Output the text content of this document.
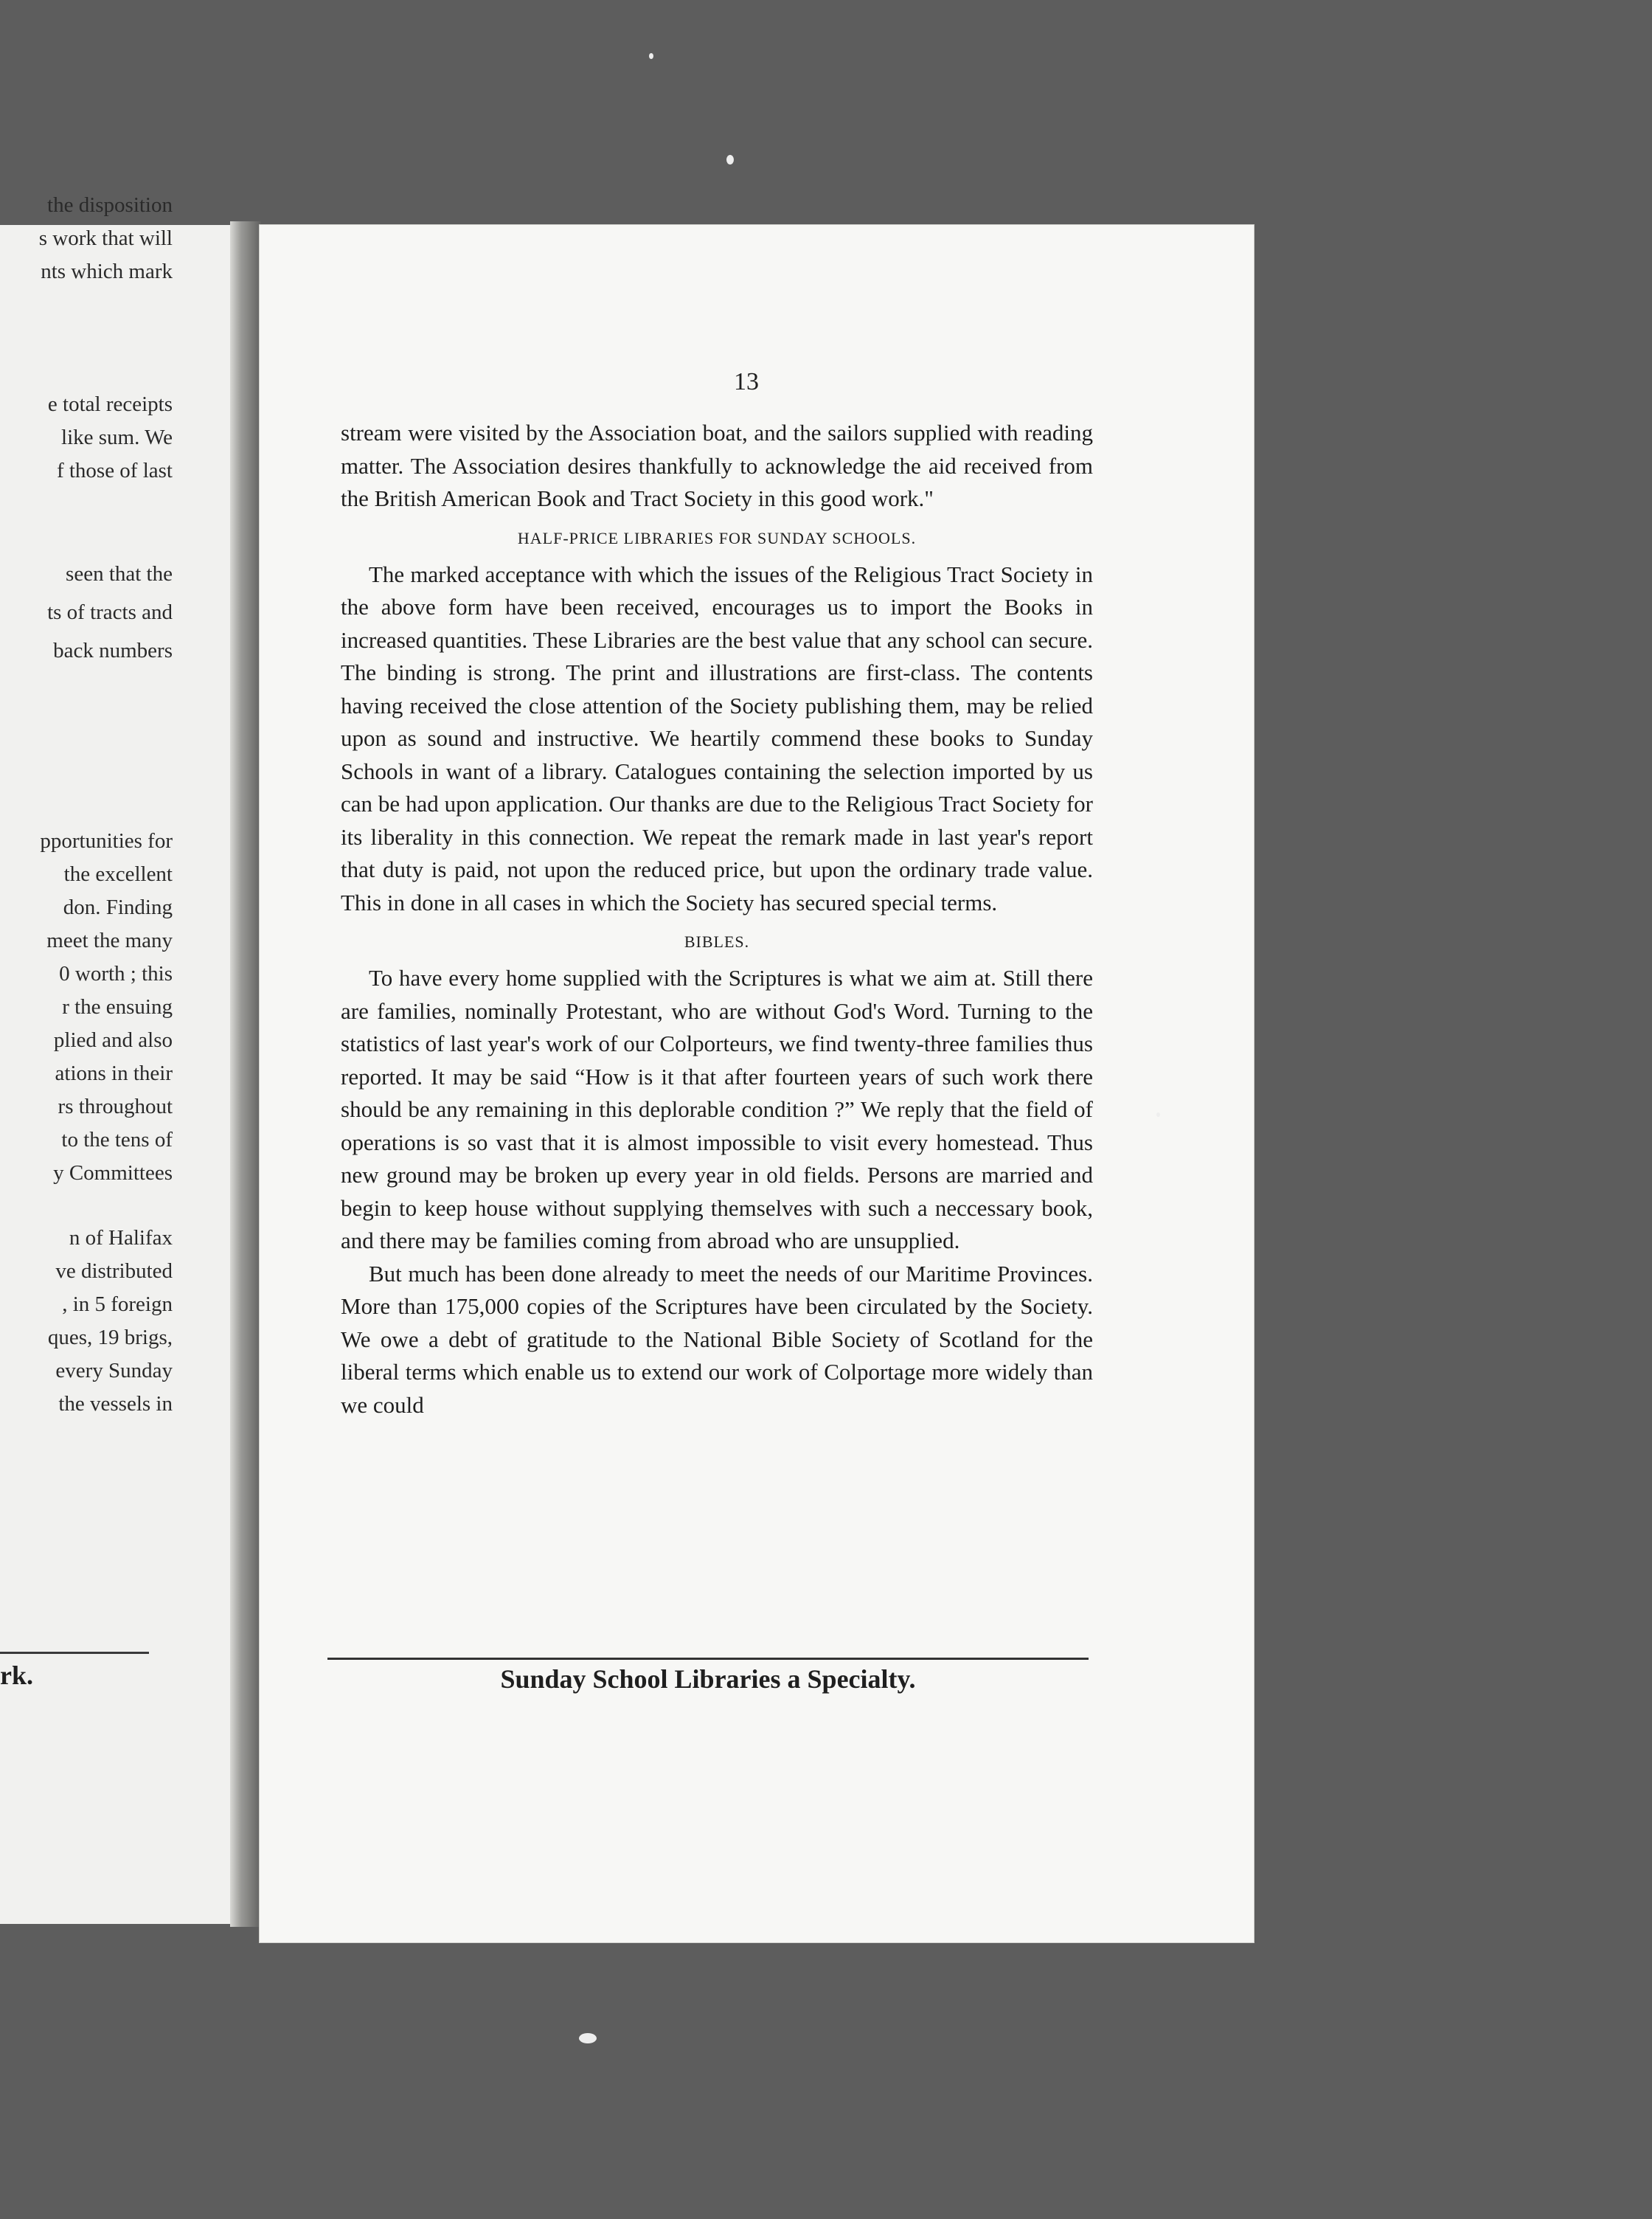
the disposition
s work that will
nts which mark
e total receipts
like sum. We
f those of last
seen that the
ts of tracts and
back numbers
pportunities for
the excellent
don. Finding
meet the many
0 worth ; this
r the ensuing
plied and also
ations in their
rs throughout
to the tens of
y Committees
n of Halifax
ve distributed
, in 5 foreign
ques, 19 brigs,
every Sunday
the vessels in
rk.
13

stream were visited by the Association boat, and the sailors supplied with reading matter. The Association desires thankfully to acknowledge the aid received from the British American Book and Tract Society in this good work."

HALF-PRICE LIBRARIES FOR SUNDAY SCHOOLS.

The marked acceptance with which the issues of the Religious Tract Society in the above form have been received, encourages us to import the Books in increased quantities. These Libraries are the best value that any school can secure. The binding is strong. The print and illustrations are first-class. The contents having received the close attention of the Society publishing them, may be relied upon as sound and instructive. We heartily commend these books to Sunday Schools in want of a library. Catalogues containing the selection imported by us can be had upon application. Our thanks are due to the Religious Tract Society for its liberality in this connection. We repeat the remark made in last year's report that duty is paid, not upon the reduced price, but upon the ordinary trade value. This in done in all cases in which the Society has secured special terms.

BIBLES.

To have every home supplied with the Scriptures is what we aim at. Still there are families, nominally Protestant, who are without God's Word. Turning to the statistics of last year's work of our Colporteurs, we find twenty-three families thus reported. It may be said “How is it that after fourteen years of such work there should be any remaining in this deplorable condition ?” We reply that the field of operations is so vast that it is almost impossible to visit every homestead. Thus new ground may be broken up every year in old fields. Persons are married and begin to keep house without supplying themselves with such a neccessary book, and there may be families coming from abroad who are unsupplied.

But much has been done already to meet the needs of our Maritime Provinces. More than 175,000 copies of the Scriptures have been circulated by the Society. We owe a debt of gratitude to the National Bible Society of Scotland for the liberal terms which enable us to extend our work of Colportage more widely than we could

Sunday School Libraries a Specialty.
